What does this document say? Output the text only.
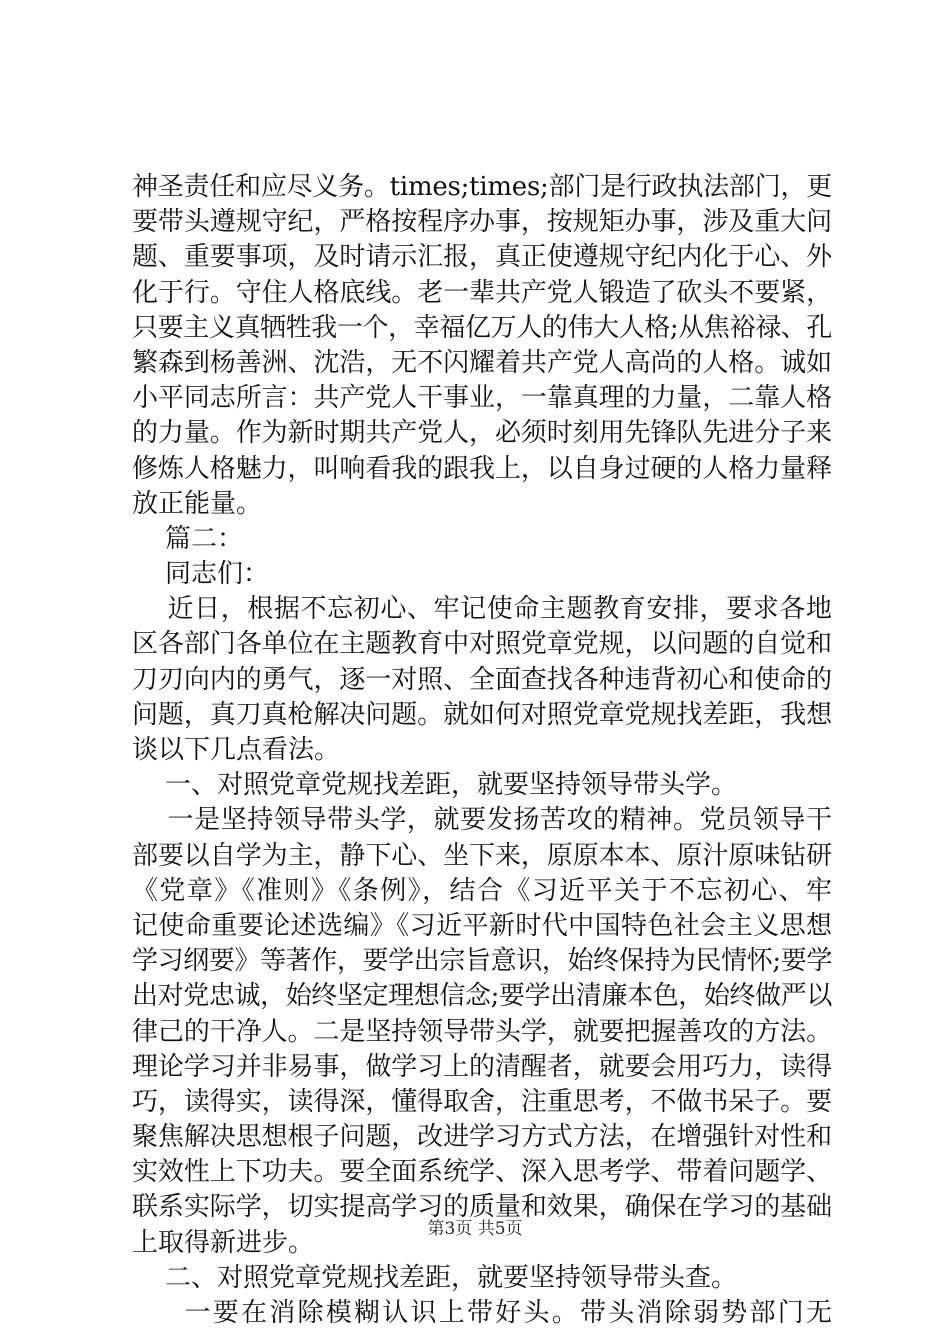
神圣责任和应尽义务。times;times;部门是行政执法部门，更
要带头遵规守纪，严格按程序办事，按规矩办事，涉及重大问
题、重要事项，及时请示汇报，真正使遵规守纪内化于心、外
化于行。守住人格底线。老一辈共产党人锻造了砍头不要紧，
只要主义真牺牲我一个，幸福亿万人的伟大人格;从焦裕禄、孔
繁森到杨善洲、沈浩，无不闪耀着共产党人高尚的人格。诚如
小平同志所言：共产党人干事业，一靠真理的力量，二靠人格
的力量。作为新时期共产党人，必须时刻用先锋队先进分子来
修炼人格魅力，叫响看我的跟我上，以自身过硬的人格力量释
放正能量。
篇二：
同志们：
近日，根据不忘初心、牢记使命主题教育安排，要求各地
区各部门各单位在主题教育中对照党章党规，以问题的自觉和
刀刃向内的勇气，逐一对照、全面查找各种违背初心和使命的
问题，真刀真枪解决问题。就如何对照党章党规找差距，我想
谈以下几点看法。
一、对照党章党规找差距，就要坚持领导带头学。
一是坚持领导带头学，就要发扬苦攻的精神。党员领导干
部要以自学为主，静下心、坐下来，原原本本、原汁原味钻研
《党章》《准则》《条例》，结合《习近平关于不忘初心、牢
记使命重要论述选编》《习近平新时代中国特色社会主义思想
学习纲要》等著作，要学出宗旨意识，始终保持为民情怀;要学
出对党忠诚，始终坚定理想信念;要学出清廉本色，始终做严以
律己的干净人。二是坚持领导带头学，就要把握善攻的方法。
理论学习并非易事，做学习上的清醒者，就要会用巧力，读得
巧，读得实，读得深，懂得取舍，注重思考，不做书呆子。要
聚焦解决思想根子问题，改进学习方式方法，在增强针对性和
实效性上下功夫。要全面系统学、深入思考学、带着问题学、
联系实际学，切实提高学习的质量和效果，确保在学习的基础
上取得新进步。
二、对照党章党规找差距，就要坚持领导带头查。
一要在消除模糊认识上带好头。带头消除弱势部门无
第3页 共5页
